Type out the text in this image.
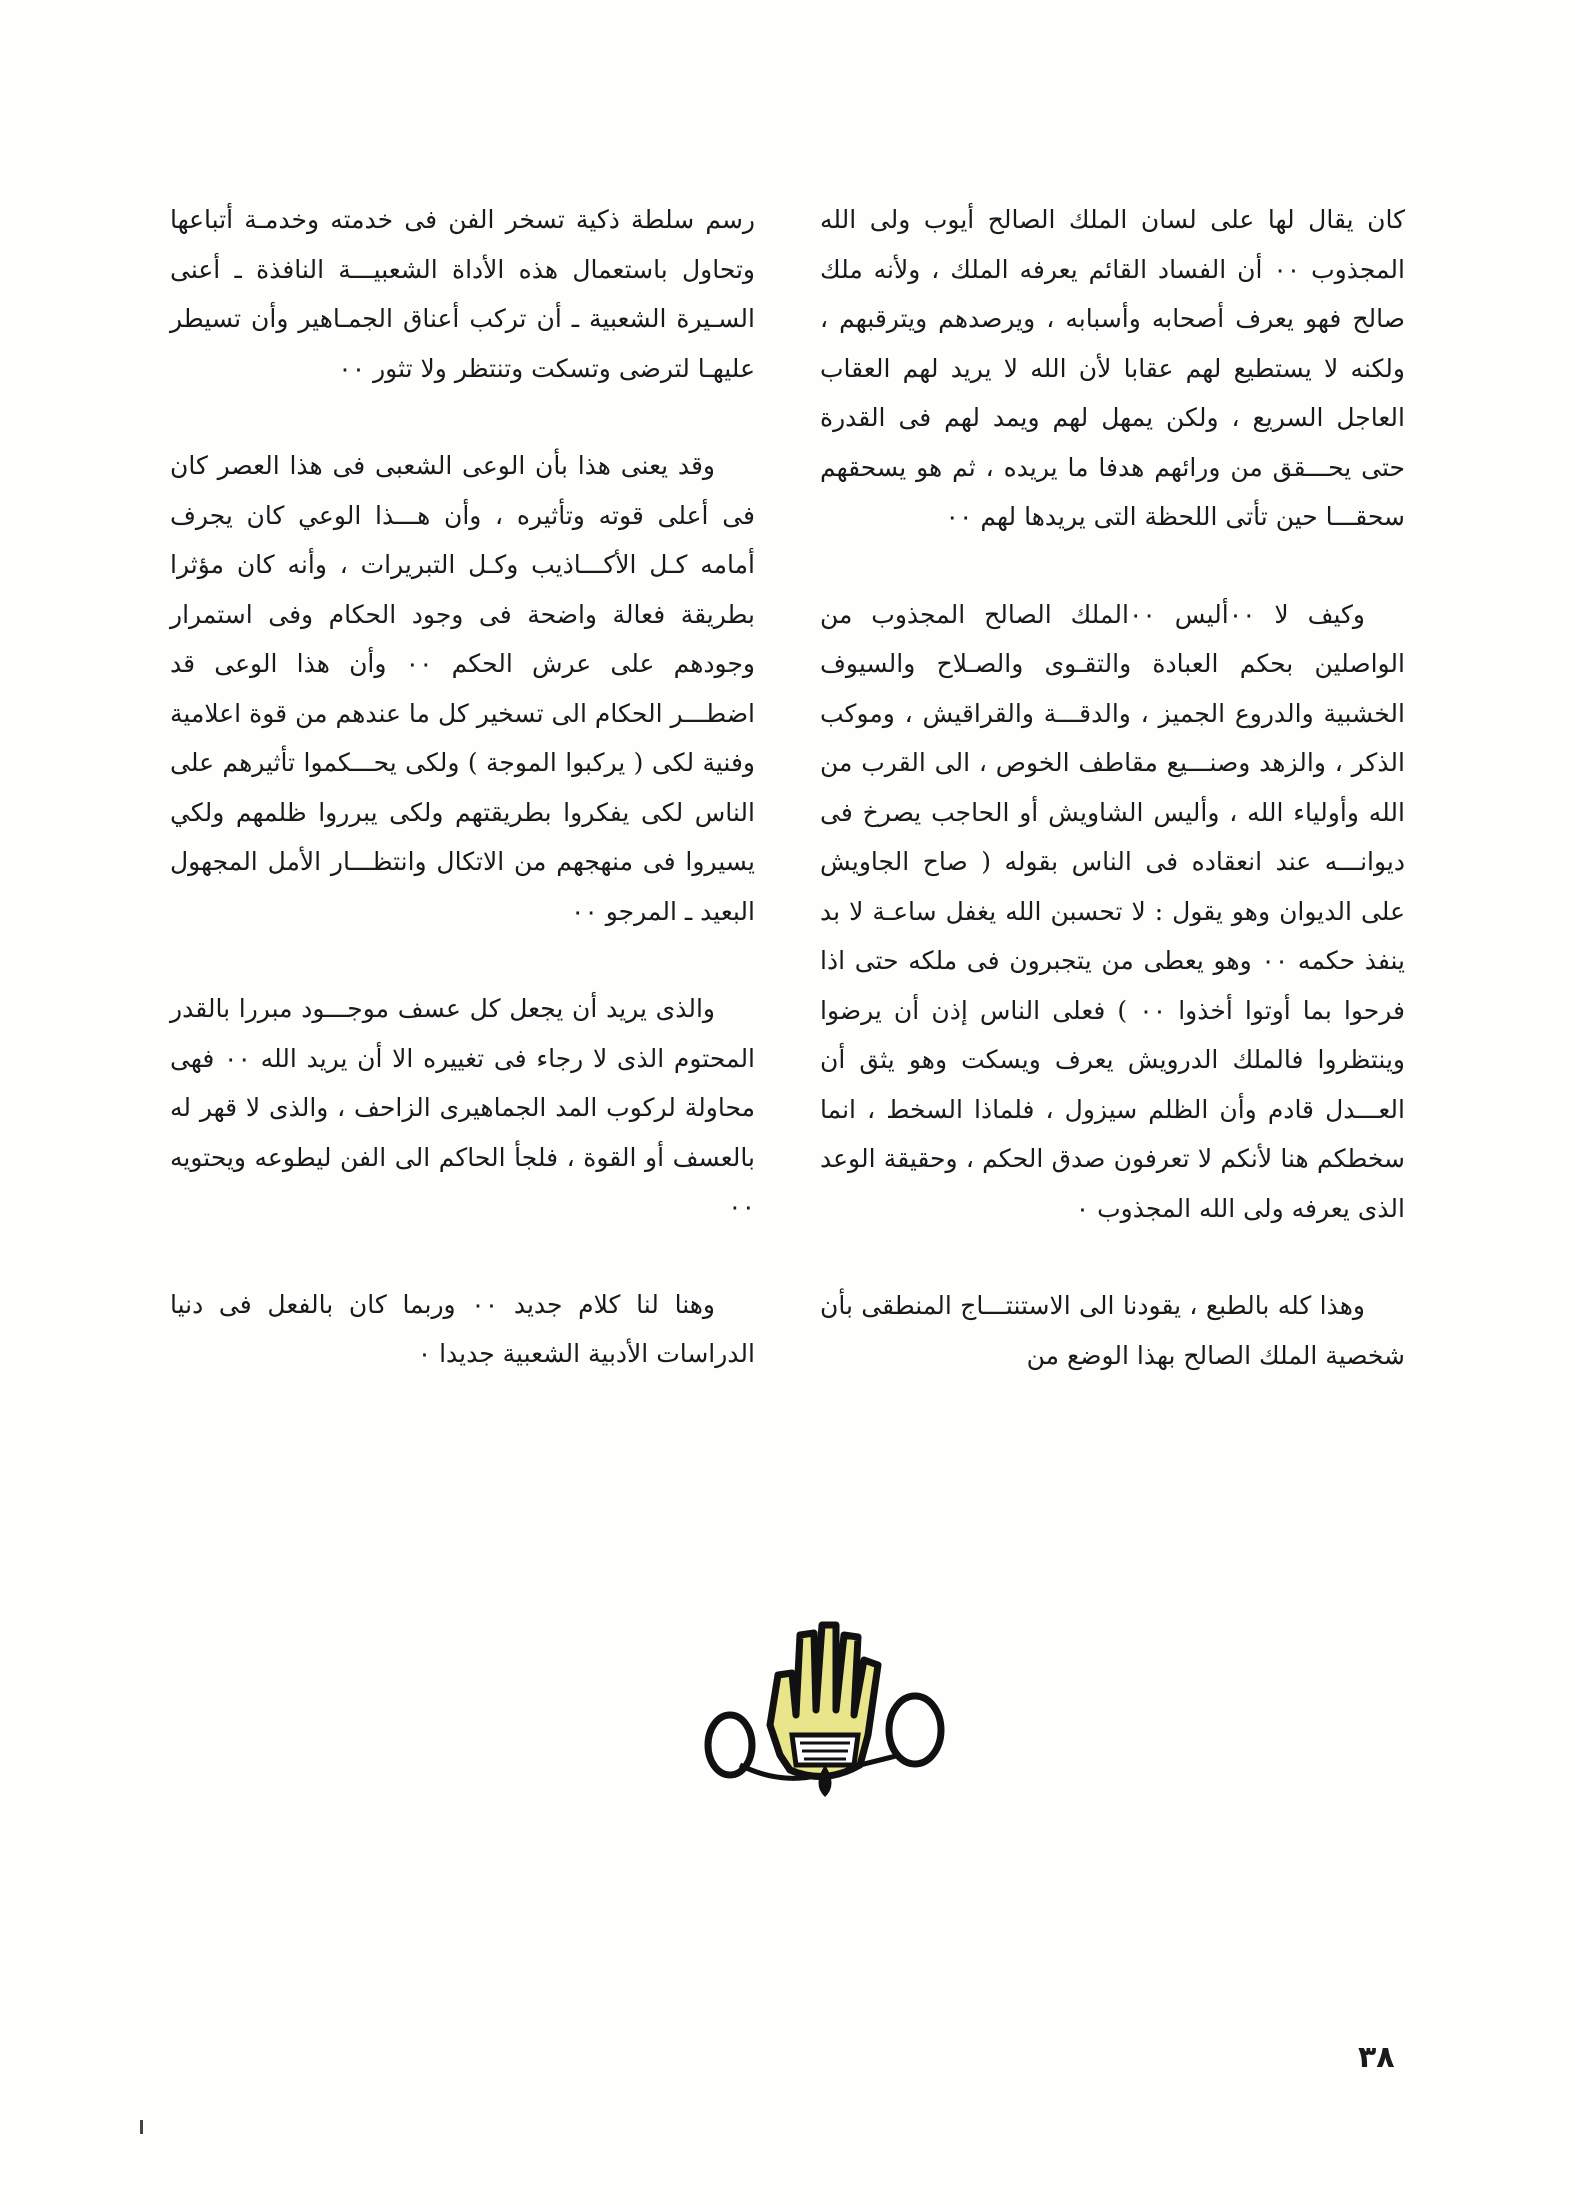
كان يقال لها على لسان الملك الصالح أيوب ولى الله المجذوب ٠٠ أن الفساد القائم يعرفه الملك ، ولأنه ملك صالح فهو يعرف أصحابه وأسبابه ، ويرصدهم ويترقبهم ، ولكنه لا يستطيع لهم عقابا لأن الله لا يريد لهم العقاب العاجل السريع ، ولكن يمهل لهم ويمد لهم فى القدرة حتى يحـــقق من ورائهم هدفا ما يريده ، ثم هو يسحقهم سحقـــا حين تأتى اللحظة التى يريدها لهم ٠٠

وكيف لا ٠٠أليس ٠٠الملك الصالح المجذوب من الواصلين بحكم العبادة والتقـوى والصـلاح والسيوف الخشبية والدروع الجميز ، والدقـــة والقراقيش ، وموكب الذكر ، والزهد وصنـــيع مقاطف الخوص ، الى القرب من الله وأولياء الله ، وأليس الشاويش أو الحاجب يصرخ فى ديوانـــه عند انعقاده فى الناس بقوله ( صاح الجاويش على الديوان وهو يقول : لا تحسبن الله يغفل ساعـة لا بد ينفذ حكمه ٠٠ وهو يعطى من يتجبرون فى ملكه حتى اذا فرحوا بما أوتوا أخذوا ٠٠ ) فعلى الناس إذن أن يرضوا وينتظروا فالملك الدرويش يعرف ويسكت وهو يثق أن العـــدل قادم وأن الظلم سيزول ، فلماذا السخط ، انما سخطكم هنا لأنكم لا تعرفون صدق الحكم ، وحقيقة الوعد الذى يعرفه ولى الله المجذوب ٠

وهذا كله بالطبع ، يقودنا الى الاستنتـــاج المنطقى بأن شخصية الملك الصالح بهذا الوضع من

رسم سلطة ذكية تسخر الفن فى خدمته وخدمـة أتباعها وتحاول باستعمال هذه الأداة الشعبيـــة النافذة ـ أعنى السـيرة الشعبية ـ أن تركب أعناق الجمـاهير وأن تسيطر عليهـا لترضى وتسكت وتنتظر ولا تثور ٠٠

وقد يعنى هذا بأن الوعى الشعبى فى هذا العصر كان فى أعلى قوته وتأثيره ، وأن هـــذا الوعي كان يجرف أمامه كـل الأكـــاذيب وكـل التبريرات ، وأنه كان مؤثرا بطريقة فعالة واضحة فى وجود الحكام وفى استمرار وجودهم على عرش الحكم ٠٠ وأن هذا الوعى قد اضطـــر الحكام الى تسخير كل ما عندهم من قوة اعلامية وفنية لكى ( يركبوا الموجة ) ولكى يحـــكموا تأثيرهم على الناس لكى يفكروا بطريقتهم ولكى يبرروا ظلمهم ولكي يسيروا فى منهجهم من الاتكال وانتظـــار الأمل المجهول البعيد ـ المرجو ٠٠

والذى يريد أن يجعل كل عسف موجـــود مبررا بالقدر المحتوم الذى لا رجاء فى تغييره الا أن يريد الله ٠٠ فهى محاولة لركوب المد الجماهيرى الزاحف ، والذى لا قهر له بالعسف أو القوة ، فلجأ الحاكم الى الفن ليطوعه ويحتويه ٠٠

وهنا لنا كلام جديد ٠٠ وربما كان بالفعل فى دنيا الدراسات الأدبية الشعبية جديدا ٠

٣٨
